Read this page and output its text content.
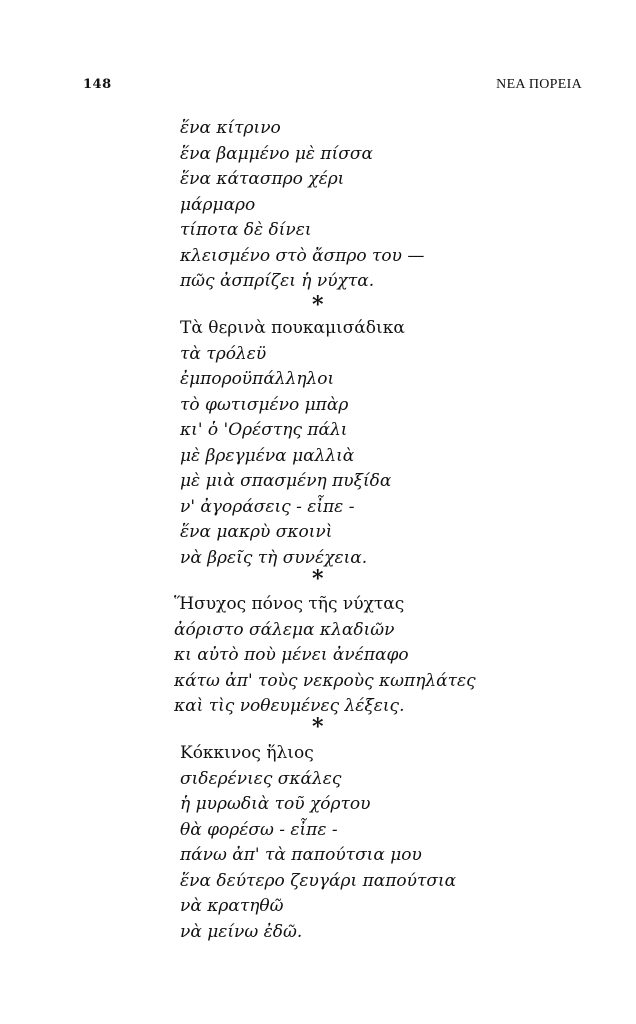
148	ΝΕΑ ΠΟΡΕΙΑ
ἕνα κίτρινο
ἕνα βαμμένο μὲ πίσσα
ἕνα κάτασπρο χέρι
μάρμαρο
τίποτα δὲ δίνει
κλεισμένο στὸ ἄσπρο του —
πῶς ἀσπρίζει ἡ νύχτα.
*
Τὰ θερινὰ πουκαμισάδικα
τὰ τρόλεϋ
ἐμποροϋπάλληλοι
τὸ φωτισμένο μπὰρ
κι' ὁ 'Ορέστης πάλι
μὲ βρεγμένα μαλλιὰ
μὲ μιὰ σπασμένη πυξίδα
ν' ἀγοράσεις - εἶπε -
ἕνα μακρὺ σκοινὶ
νὰ βρεῖς τὴ συνέχεια.
*
Ἥσυχος πόνος τῆς νύχτας
ἀόριστο σάλεμα κλαδιῶν
κι αὐτὸ ποὺ μένει ἀνέπαφο
κάτω ἀπ' τοὺς νεκροὺς κωπηλάτες
καὶ τὶς νοθευμένες λέξεις.
*
Κόκκινος ἥλιος
σιδερένιες σκάλες
ἡ μυρωδιὰ τοῦ χόρτου
θὰ φορέσω - εἶπε -
πάνω ἀπ' τὰ παπούτσια μου
ἕνα δεύτερο ζευγάρι παπούτσια
νὰ κρατηθῶ
νὰ μείνω ἐδῶ.
